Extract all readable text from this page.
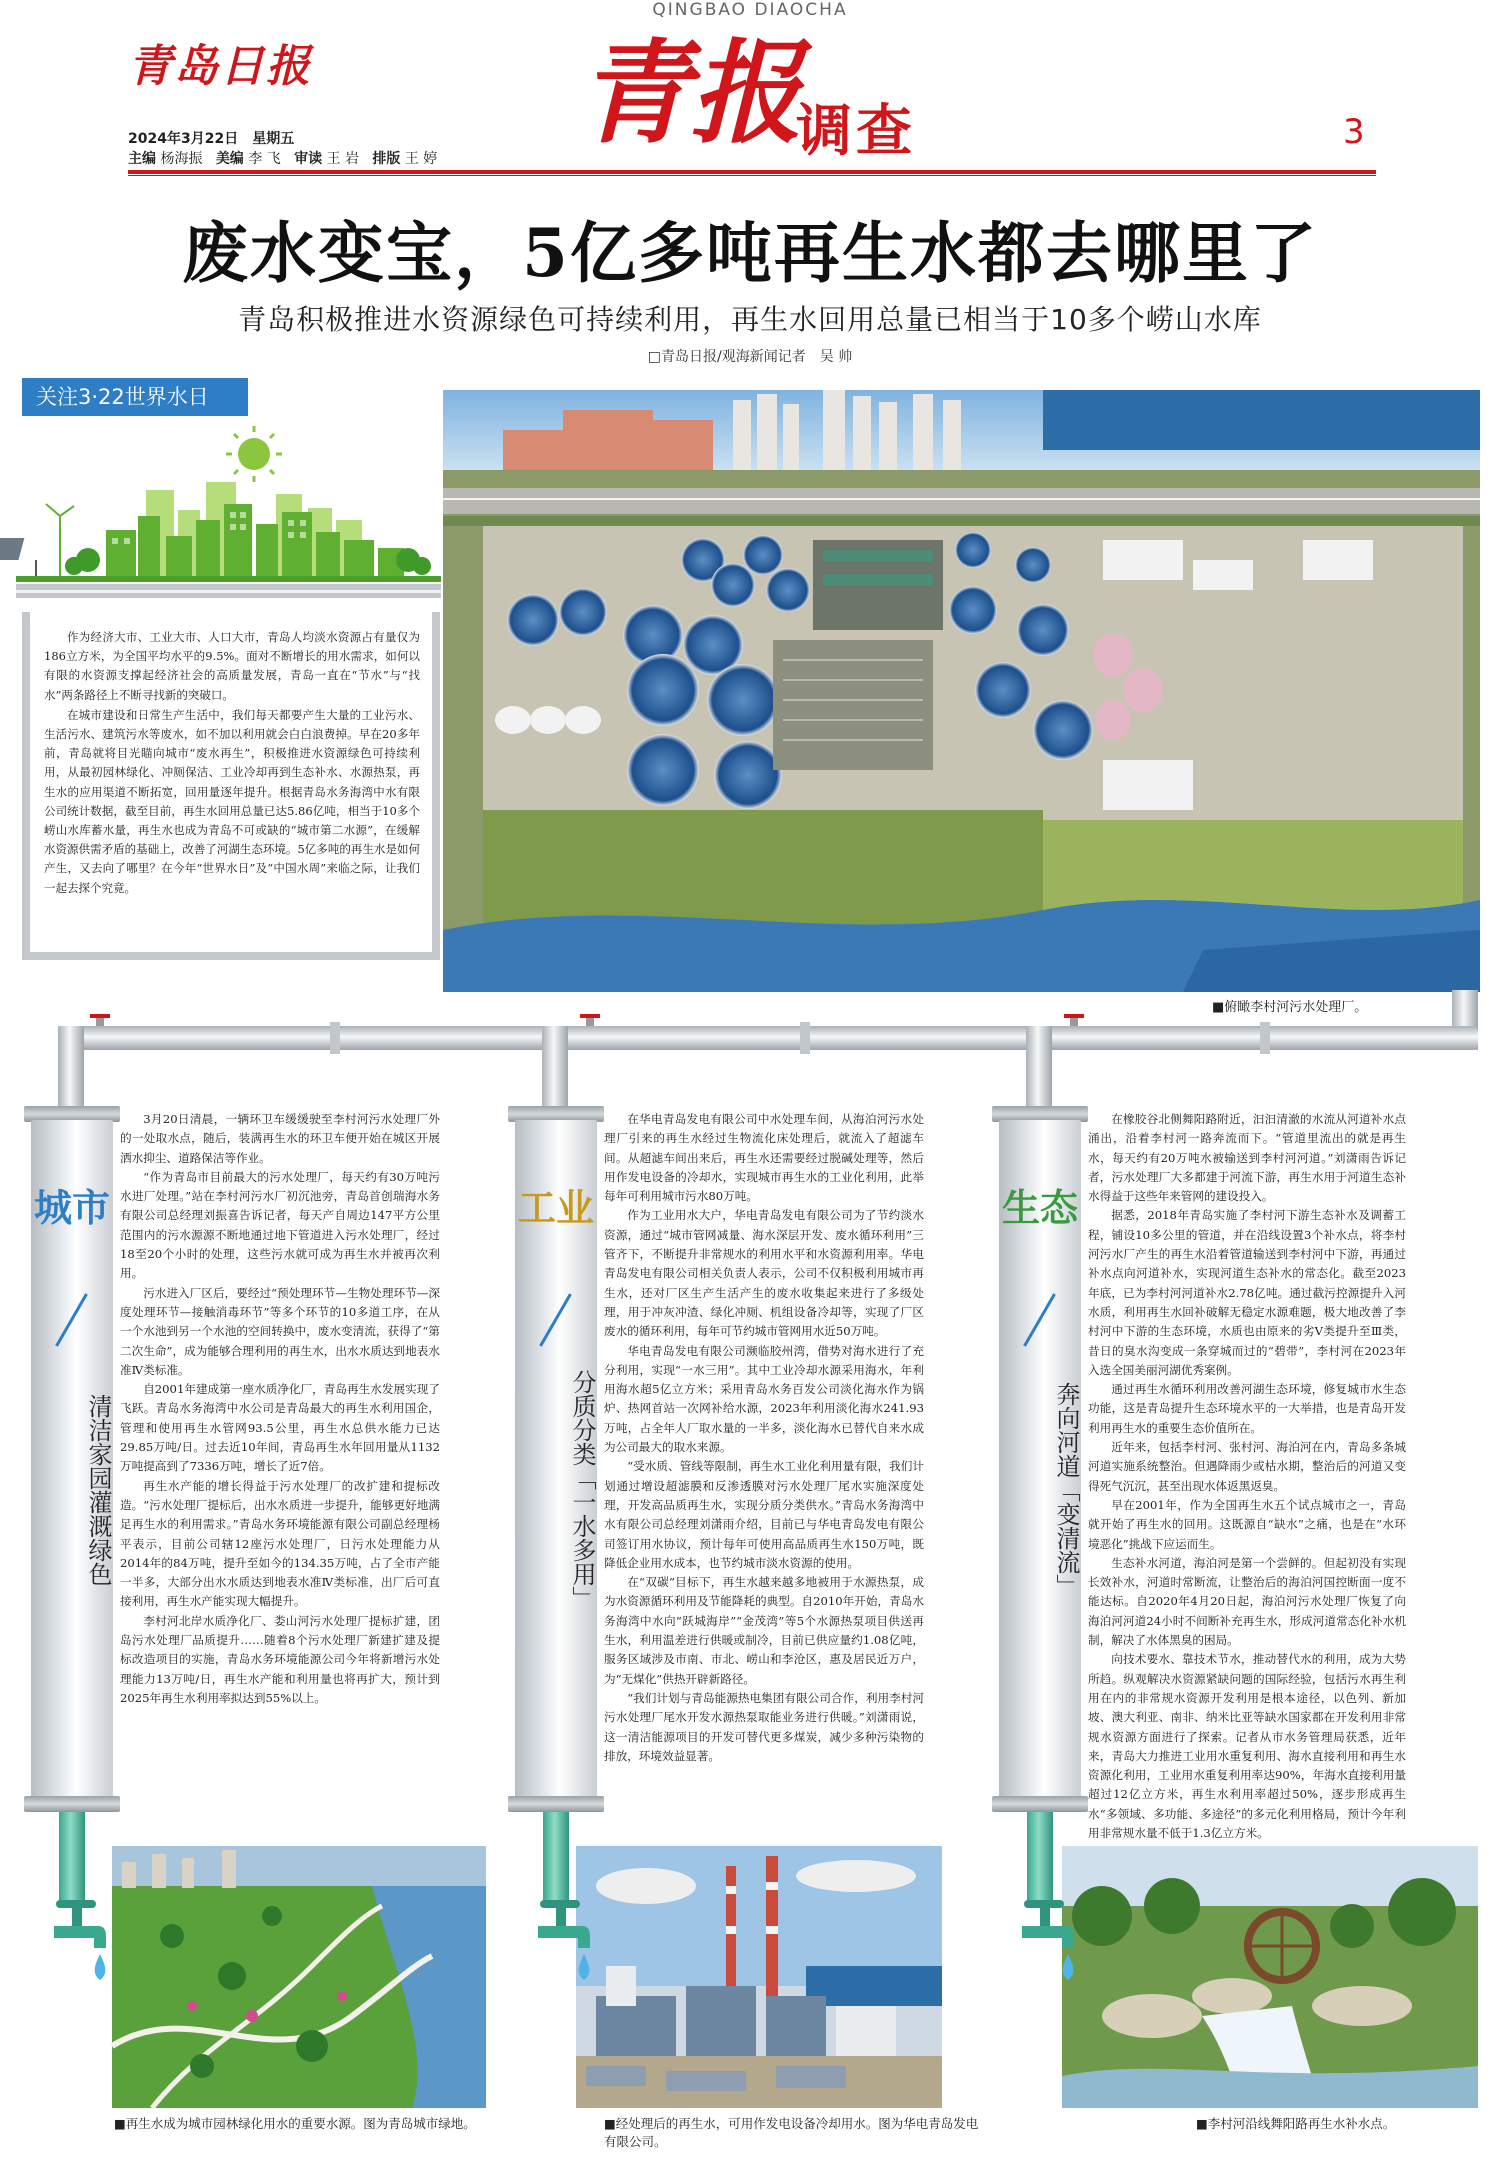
QINGBAO DIAOCHA
青岛日报
2024年3月22日　星期五
主编 杨海振 美编 李 飞 审读 王 岩 排版 王 婷 青报
调查	3
废水变宝，5亿多吨再生水都去哪里了
青岛积极推进水资源绿色可持续利用，再生水回用总量已相当于10多个崂山水库
□青岛日报/观海新闻记者　吴 帅
关注3·22世界水日

作为经济大市、工业大市、人口大市，青岛人均淡水资源占有量仅为186立方米，为全国平均水平的9.5%。面对不断增长的用水需求，如何以有限的水资源支撑起经济社会的高质量发展，青岛一直在“节水”与“找水”两条路径上不断寻找新的突破口。

在城市建设和日常生产生活中，我们每天都要产生大量的工业污水、生活污水、建筑污水等废水，如不加以利用就会白白浪费掉。早在20多年前，青岛就将目光瞄向城市“废水再生”，积极推进水资源绿色可持续利用，从最初园林绿化、冲厕保洁、工业冷却再到生态补水、水源热泵，再生水的应用渠道不断拓宽，回用量逐年提升。根据青岛水务海湾中水有限公司统计数据，截至目前，再生水回用总量已达5.86亿吨，相当于10多个崂山水库蓄水量，再生水也成为青岛不可或缺的“城市第二水源”，在缓解水资源供需矛盾的基础上，改善了河湖生态环境。5亿多吨的再生水是如何产生，又去向了哪里？在今年“世界水日”及“中国水周”来临之际，让我们一起去探个究竟。

■俯瞰李村河污水处理厂。
城市
清洁家园灌溉绿色

3月20日清晨，一辆环卫车缓缓驶至李村河污水处理厂外的一处取水点，随后，装满再生水的环卫车便开始在城区开展洒水抑尘、道路保洁等作业。

“作为青岛市目前最大的污水处理厂，每天约有30万吨污水进厂处理。”站在李村河污水厂初沉池旁，青岛首创瑞海水务有限公司总经理刘振喜告诉记者，每天产自周边147平方公里范围内的污水源源不断地通过地下管道进入污水处理厂，经过18至20个小时的处理，这些污水就可成为再生水并被再次利用。

污水进入厂区后，要经过“预处理环节—生物处理环节—深度处理环节—接触消毒环节”等多个环节的10多道工序，在从一个水池到另一个水池的空间转换中，废水变清流，获得了“第二次生命”，成为能够合理利用的再生水，出水水质达到地表水准Ⅳ类标准。

自2001年建成第一座水质净化厂，青岛再生水发展实现了飞跃。青岛水务海湾中水公司是青岛最大的再生水利用国企，管理和使用再生水管网93.5公里，再生水总供水能力已达29.85万吨/日。过去近10年间，青岛再生水年回用量从1132万吨提高到了7336万吨，增长了近7倍。

再生水产能的增长得益于污水处理厂的改扩建和提标改造。“污水处理厂提标后，出水水质进一步提升，能够更好地满足再生水的利用需求。”青岛水务环境能源有限公司副总经理杨平表示，目前公司辖12座污水处理厂，日污水处理能力从2014年的84万吨，提升至如今的134.35万吨，占了全市产能一半多，大部分出水水质达到地表水准Ⅳ类标准，出厂后可直接利用，再生水产能实现大幅提升。

李村河北岸水质净化厂、娄山河污水处理厂提标扩建，团岛污水处理厂品质提升……随着8个污水处理厂新建扩建及提标改造项目的实施，青岛水务环境能源公司今年将新增污水处理能力13万吨/日，再生水产能和利用量也将再扩大，预计到2025年再生水利用率拟达到55%以上。

工业
分质分类「一水多用」

在华电青岛发电有限公司中水处理车间，从海泊河污水处理厂引来的再生水经过生物流化床处理后，就流入了超滤车间。从超滤车间出来后，再生水还需要经过脱碱处理等，然后用作发电设备的冷却水，实现城市再生水的工业化利用，此举每年可利用城市污水80万吨。

作为工业用水大户，华电青岛发电有限公司为了节约淡水资源，通过“城市管网减量、海水深层开发、废水循环利用”三管齐下，不断提升非常规水的利用水平和水资源利用率。华电青岛发电有限公司相关负责人表示，公司不仅积极利用城市再生水，还对厂区生产生活产生的废水收集起来进行了多级处理，用于冲灰冲渣、绿化冲厕、机组设备冷却等，实现了厂区废水的循环利用，每年可节约城市管网用水近50万吨。

华电青岛发电有限公司濒临胶州湾，借势对海水进行了充分利用，实现“一水三用”。其中工业冷却水源采用海水，年利用海水超5亿立方米；采用青岛水务百发公司淡化海水作为锅炉、热网首站一次网补给水源，2023年利用淡化海水241.93万吨，占全年人厂取水量的一半多，淡化海水已替代自来水成为公司最大的取水来源。

“受水质、管线等限制，再生水工业化利用量有限，我们计划通过增设超滤膜和反渗透膜对污水处理厂尾水实施深度处理，开发高品质再生水，实现分质分类供水。”青岛水务海湾中水有限公司总经理刘潇雨介绍，目前已与华电青岛发电有限公司签订用水协议，预计每年可使用高品质再生水150万吨，既降低企业用水成本，也节约城市淡水资源的使用。

在“双碳”目标下，再生水越来越多地被用于水源热泵，成为水资源循环利用及节能降耗的典型。自2010年开始，青岛水务海湾中水向“跃城海岸”“金茂湾”等5个水源热泵项目供送再生水，利用温差进行供暖或制冷，目前已供应量约1.08亿吨，服务区域涉及市南、市北、崂山和李沧区，惠及居民近万户，为“无煤化”供热开辟新路径。

“我们计划与青岛能源热电集团有限公司合作，利用李村河污水处理厂尾水开发水源热泵取能业务进行供暖。”刘潇雨说，这一清洁能源项目的开发可替代更多煤炭，减少多种污染物的排放，环境效益显著。

生态
奔向河道「变清流」

在橡胶谷北侧舞阳路附近，汩汩清澈的水流从河道补水点涌出，沿着李村河一路奔流而下。“管道里流出的就是再生水，每天约有20万吨水被输送到李村河河道。”刘潇雨告诉记者，污水处理厂大多都建于河流下游，再生水用于河道生态补水得益于这些年来管网的建设投入。

据悉，2018年青岛实施了李村河下游生态补水及调蓄工程，铺设10多公里的管道，并在沿线设置3个补水点，将李村河污水厂产生的再生水沿着管道输送到李村河中下游，再通过补水点向河道补水，实现河道生态补水的常态化。截至2023年底，已为李村河河道补水2.78亿吨。通过截污控源提升入河水质，利用再生水回补破解无稳定水源难题，极大地改善了李村河中下游的生态环境，水质也由原来的劣Ⅴ类提升至Ⅲ类，昔日的臭水沟变成一条穿城而过的“碧带”，李村河在2023年入选全国美丽河湖优秀案例。

通过再生水循环利用改善河湖生态环境，修复城市水生态功能，这是青岛提升生态环境水平的一大举措，也是青岛开发利用再生水的重要生态价值所在。

近年来，包括李村河、张村河、海泊河在内，青岛多条城河道实施系统整治。但遇降雨少或枯水期，整治后的河道又变得死气沉沉，甚至出现水体返黑返臭。

早在2001年，作为全国再生水五个试点城市之一，青岛就开始了再生水的回用。这既源自“缺水”之痛，也是在“水环境恶化”挑战下应运而生。

生态补水河道，海泊河是第一个尝鲜的。但起初没有实现长效补水，河道时常断流，让整治后的海泊河国控断面一度不能达标。自2020年4月20日起，海泊河污水处理厂恢复了向海泊河河道24小时不间断补充再生水，形成河道常态化补水机制，解决了水体黑臭的困局。

向技术要水、靠技术节水，推动替代水的利用，成为大势所趋。纵观解决水资源紧缺问题的国际经验，包括污水再生利用在内的非常规水资源开发利用是根本途径，以色列、新加坡、澳大利亚、南非、纳米比亚等缺水国家都在开发利用非常规水资源方面进行了探索。记者从市水务管理局获悉，近年来，青岛大力推进工业用水重复利用、海水直接利用和再生水资源化利用，工业用水重复利用率达90%，年海水直接利用量超过12亿立方米，再生水利用率超过50%，逐步形成再生水“多领域、多功能、多途径”的多元化利用格局，预计今年利用非常规水量不低于1.3亿立方米。

■再生水成为城市园林绿化用水的重要水源。图为青岛城市绿地。	■经处理后的再生水，可用作发电设备冷却用水。图为华电青岛发电有限公司。
■李村河沿线舞阳路再生水补水点。
